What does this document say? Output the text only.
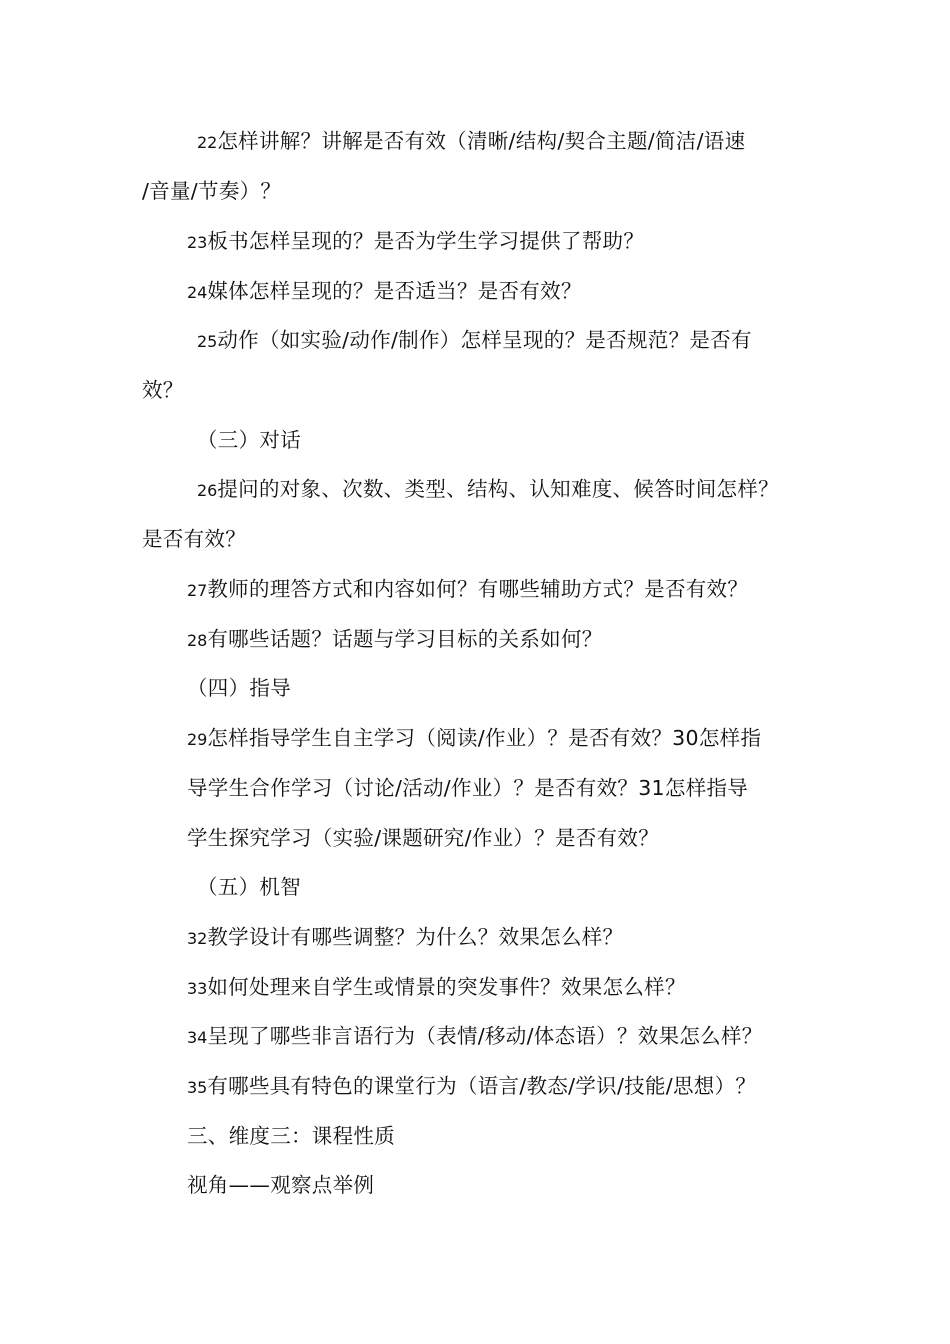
22怎样讲解？讲解是否有效（清晰/结构/契合主题/简洁/语速
/音量/节奏）？
23板书怎样呈现的？是否为学生学习提供了帮助？
24媒体怎样呈现的？是否适当？是否有效？
25动作（如实验/动作/制作）怎样呈现的？是否规范？是否有
效？
（三）对话
26提问的对象、次数、类型、结构、认知难度、候答时间怎样？
是否有效？
27教师的理答方式和内容如何？有哪些辅助方式？是否有效？
28有哪些话题？话题与学习目标的关系如何？
（四）指导
29怎样指导学生自主学习（阅读/作业）？是否有效？30怎样指
导学生合作学习（讨论/活动/作业）？是否有效？31怎样指导
学生探究学习（实验/课题研究/作业）？是否有效？
（五）机智
32教学设计有哪些调整？为什么？效果怎么样？
33如何处理来自学生或情景的突发事件？效果怎么样？
34呈现了哪些非言语行为（表情/移动/体态语）？效果怎么样？
35有哪些具有特色的课堂行为（语言/教态/学识/技能/思想）？
三、维度三：课程性质
视角——观察点举例
